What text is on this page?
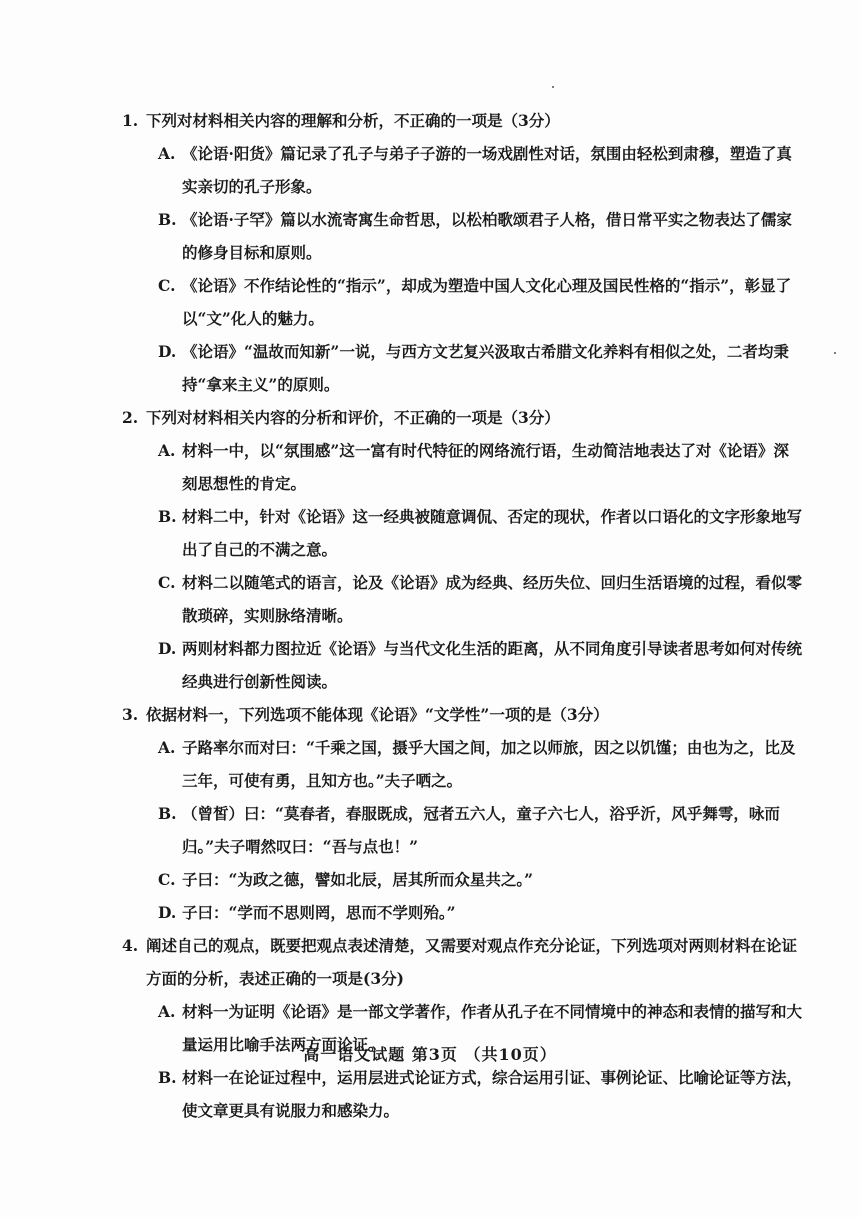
1. 下列对材料相关内容的理解和分析，不正确的一项是（3分）
A. 《论语·阳货》篇记录了孔子与弟子子游的一场戏剧性对话，氛围由轻松到肃穆，塑造了真实亲切的孔子形象。
B. 《论语·子罕》篇以水流寄寓生命哲思，以松柏歌颂君子人格，借日常平实之物表达了儒家的修身目标和原则。
C. 《论语》不作结论性的“指示”，却成为塑造中国人文化心理及国民性格的“指示”，彰显了以“文”化人的魅力。
D. 《论语》“温故而知新”一说，与西方文艺复兴汲取古希腊文化养料有相似之处，二者均秉持“拿来主义”的原则。
2. 下列对材料相关内容的分析和评价，不正确的一项是（3分）
A. 材料一中，以“氛围感”这一富有时代特征的网络流行语，生动简洁地表达了对《论语》深刻思想性的肯定。
B. 材料二中，针对《论语》这一经典被随意调侃、否定的现状，作者以口语化的文字形象地写出了自己的不满之意。
C. 材料二以随笔式的语言，论及《论语》成为经典、经历失位、回归生活语境的过程，看似零散琐碎，实则脉络清晰。
D. 两则材料都力图拉近《论语》与当代文化生活的距离，从不同角度引导读者思考如何对传统经典进行创新性阅读。
3. 依据材料一，下列选项不能体现《论语》“文学性”一项的是（3分）
A. 子路率尔而对曰：“千乘之国，摄乎大国之间，加之以师旅，因之以饥馑；由也为之，比及三年，可使有勇，且知方也。”夫子哂之。
B. （曾皙）曰：“莫春者，春服既成，冠者五六人，童子六七人，浴乎沂，风乎舞雩，咏而归。”夫子喟然叹曰：“吾与点也！”
C. 子曰：“为政之德，譬如北辰，居其所而众星共之。”
D. 子曰：“学而不思则罔，思而不学则殆。”
4. 阐述自己的观点，既要把观点表述清楚，又需要对观点作充分论证，下列选项对两则材料在论证方面的分析，表述正确的一项是(3分)
A. 材料一为证明《论语》是一部文学著作，作者从孔子在不同情境中的神态和表情的描写和大量运用比喻手法两方面论证。
B. 材料一在论证过程中，运用层进式论证方式，综合运用引证、事例论证、比喻论证等方法，使文章更具有说服力和感染力。
高一语文试题 第3页 （共10页）
